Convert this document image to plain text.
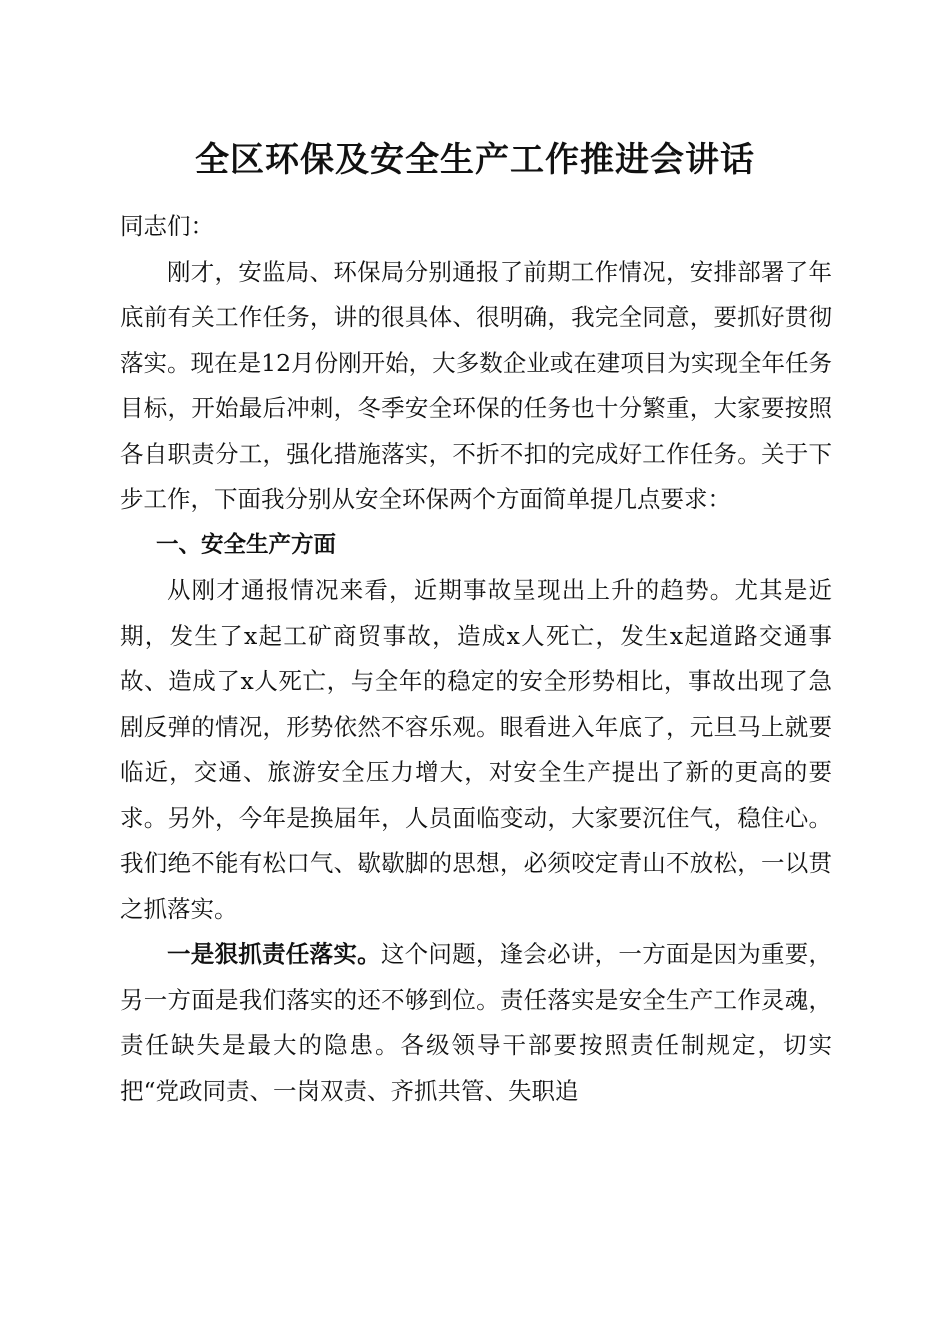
全区环保及安全生产工作推进会讲话

同志们：

刚才，安监局、环保局分别通报了前期工作情况，安排部署了年底前有关工作任务，讲的很具体、很明确，我完全同意，要抓好贯彻落实。现在是12月份刚开始，大多数企业或在建项目为实现全年任务目标，开始最后冲刺，冬季安全环保的任务也十分繁重，大家要按照各自职责分工，强化措施落实，不折不扣的完成好工作任务。关于下步工作，下面我分别从安全环保两个方面简单提几点要求：

一、安全生产方面

从刚才通报情况来看，近期事故呈现出上升的趋势。尤其是近期，发生了x起工矿商贸事故，造成x人死亡，发生x起道路交通事故、造成了x人死亡，与全年的稳定的安全形势相比，事故出现了急剧反弹的情况，形势依然不容乐观。眼看进入年底了，元旦马上就要临近，交通、旅游安全压力增大，对安全生产提出了新的更高的要求。另外，今年是换届年，人员面临变动，大家要沉住气，稳住心。我们绝不能有松口气、歇歇脚的思想，必须咬定青山不放松，一以贯之抓落实。

一是狠抓责任落实。这个问题，逢会必讲，一方面是因为重要，另一方面是我们落实的还不够到位。责任落实是安全生产工作灵魂，责任缺失是最大的隐患。各级领导干部要按照责任制规定，切实把“党政同责、一岗双责、齐抓共管、失职追
